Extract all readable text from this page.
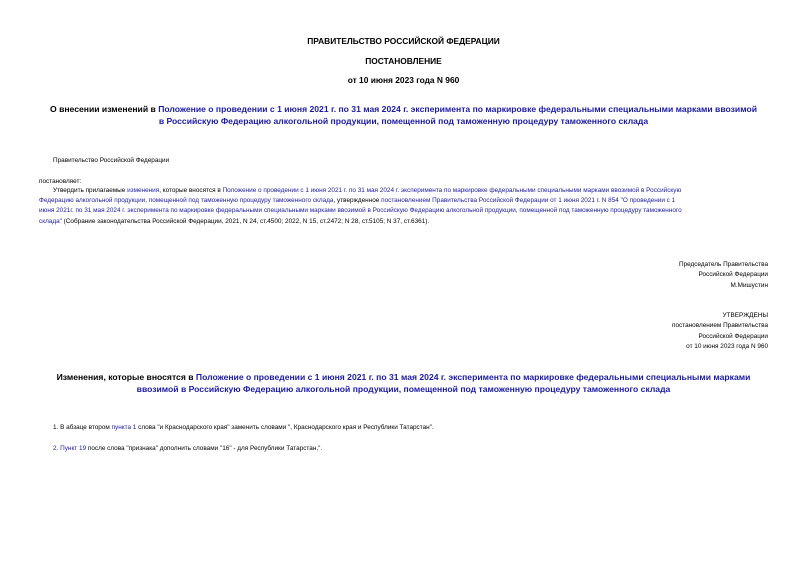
ПРАВИТЕЛЬСТВО РОССИЙСКОЙ ФЕДЕРАЦИИ
ПОСТАНОВЛЕНИЕ
от 10 июня 2023 года N 960
О внесении изменений в Положение о проведении с 1 июня 2021 г. по 31 мая 2024 г. эксперимента по маркировке федеральными специальными марками ввозимой
в Российскую Федерацию алкогольной продукции, помещенной под таможенную процедуру таможенного склада
Правительство Российской Федерации
постановляет:
Утвердить прилагаемые изменения, которые вносятся в Положение о проведении с 1 июня 2021 г. по 31 мая 2024 г. эксперимента по маркировке федеральными специальными марками ввозимой в Российскую
Федерацию алкогольной продукции, помещенной под таможенную процедуру таможенного склада, утвержденное постановлением Правительства Российской Федерации от 1 июня 2021 г. N 854 "О проведении с 1
июня 2021г. по 31 мая 2024 г. эксперимента по маркировке федеральными специальными марками ввозимой в Российскую Федерацию алкогольной продукции, помещенной под таможенную процедуру таможенного
склада" (Собрание законодательства Российской Федерации, 2021, N 24, ст.4500; 2022, N 15, ст.2472; N 28, ст.5105; N 37, ст.6361).
Председатель Правительства
Российской Федерации
М.Мишустин
УТВЕРЖДЕНЫ
постановлением Правительства
Российской Федерации
от 10 июня 2023 года N 960
Изменения, которые вносятся в Положение о проведении с 1 июня 2021 г. по 31 мая 2024 г. эксперимента по маркировке федеральными специальными марками
ввозимой в Российскую Федерацию алкогольной продукции, помещенной под таможенную процедуру таможенного склада
1. В абзаце втором пункта 1 слова "и Краснодарского края" заменить словами ", Краснодарского края и Республики Татарстан".
2. Пункт 19 после слова "признака" дополнить словами "16" - для Республики Татарстан,".
